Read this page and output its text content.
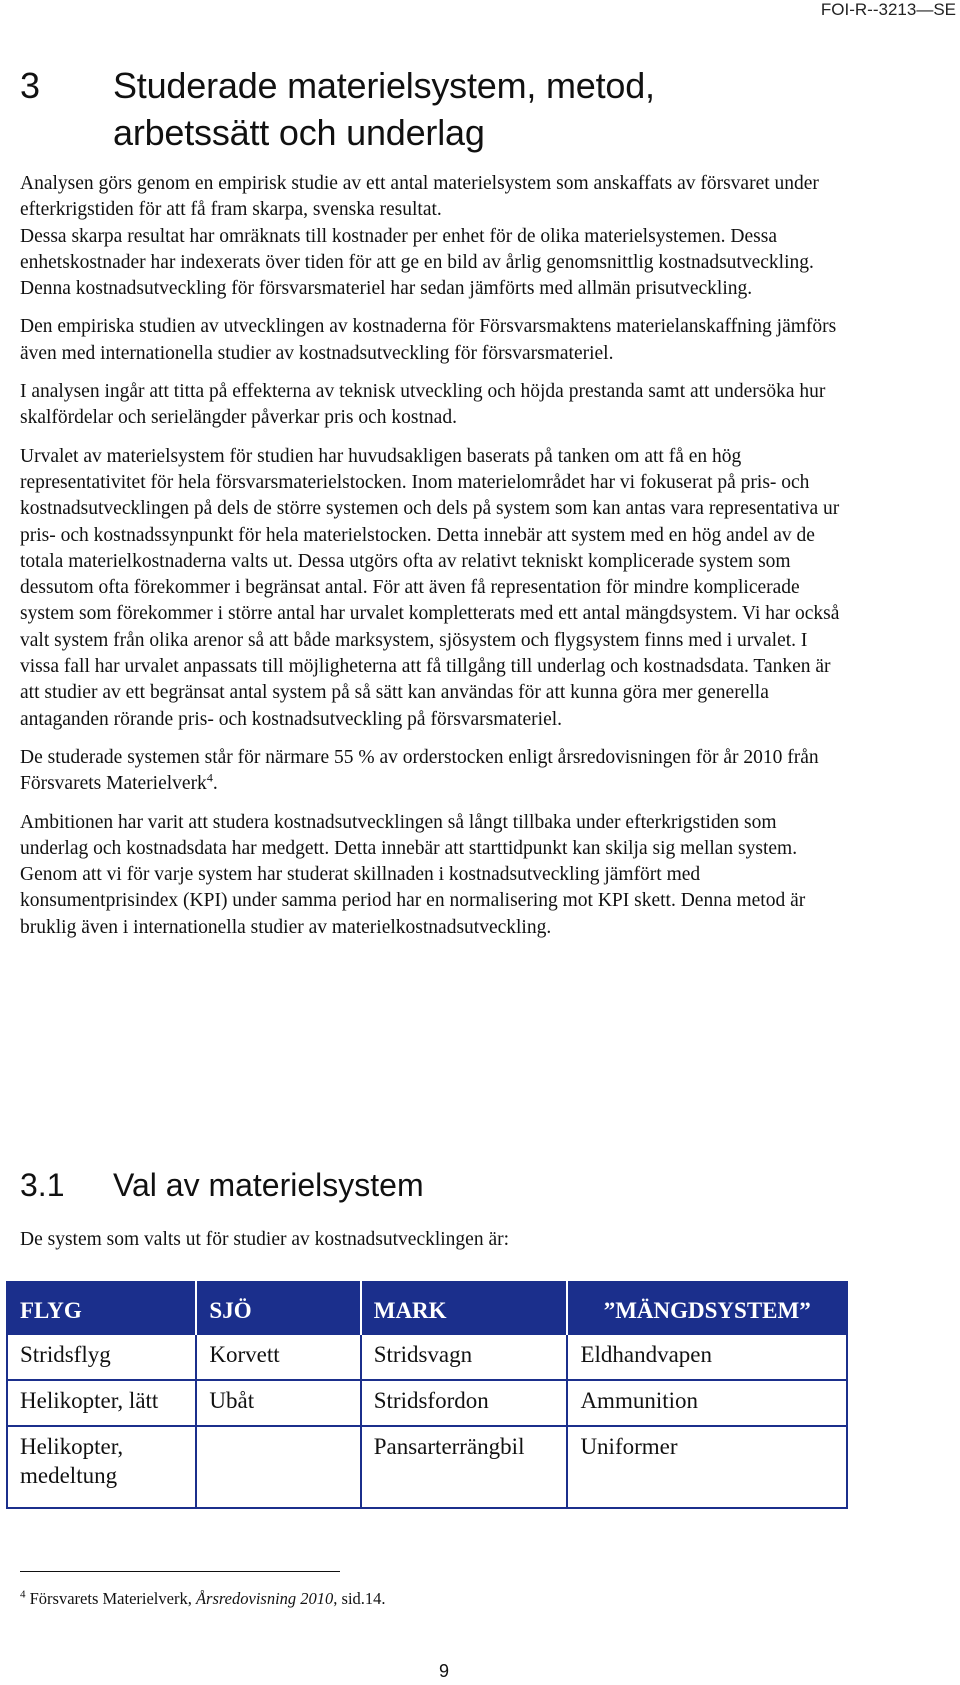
FOI-R--3213—SE
3	Studerade materielsystem, metod,
arbetssätt och underlag

Analysen görs genom en empirisk studie av ett antal materielsystem som anskaffats av försvaret under efterkrigstiden för att få fram skarpa, svenska resultat.

Dessa skarpa resultat har omräknats till kostnader per enhet för de olika materielsystemen. Dessa enhetskostnader har indexerats över tiden för att ge en bild av årlig genomsnittlig kostnadsutveckling. Denna kostnadsutveckling för försvarsmateriel har sedan jämförts med allmän prisutveckling.

Den empiriska studien av utvecklingen av kostnaderna för Försvarsmaktens materielanskaffning jämförs även med internationella studier av kostnadsutveckling för försvarsmateriel.

I analysen ingår att titta på effekterna av teknisk utveckling och höjda prestanda samt att undersöka hur skalfördelar och serielängder påverkar pris och kostnad.

Urvalet av materielsystem för studien har huvudsakligen baserats på tanken om att få en hög representativitet för hela försvarsmaterielstocken. Inom materielområdet har vi fokuserat på pris- och kostnadsutvecklingen på dels de större systemen och dels på system som kan antas vara representativa ur pris- och kostnadssynpunkt för hela materielstocken. Detta innebär att system med en hög andel av de totala materielkostnaderna valts ut. Dessa utgörs ofta av relativt tekniskt komplicerade system som dessutom ofta förekommer i begränsat antal. För att även få representation för mindre komplicerade system som förekommer i större antal har urvalet kompletterats med ett antal mängdsystem. Vi har också valt system från olika arenor så att både marksystem, sjösystem och flygsystem finns med i urvalet. I vissa fall har urvalet anpassats till möjligheterna att få tillgång till underlag och kostnadsdata. Tanken är att studier av ett begränsat antal system på så sätt kan användas för att kunna göra mer generella antaganden rörande pris- och kostnadsutveckling på försvarsmateriel.

De studerade systemen står för närmare 55 % av orderstocken enligt årsredovisningen för år 2010 från Försvarets Materielverk$^4$.

Ambitionen har varit att studera kostnadsutvecklingen så långt tillbaka under efterkrigstiden som underlag och kostnadsdata har medgett. Detta innebär att starttidpunkt kan skilja sig mellan system. Genom att vi för varje system har studerat skillnaden i kostnadsutveckling jämfört med konsumentprisindex (KPI) under samma period har en normalisering mot KPI skett. Denna metod är bruklig även i internationella studier av materielkostnadsutveckling.

3.1	Val av materielsystem
De system som valts ut för studier av kostnadsutvecklingen är:
FLYG	SJÖ	MARK	”MÄNGDSYSTEM”
Stridsflyg	Korvett	Stridsvagn	Eldhandvapen
Helikopter, lätt	Ubåt	Stridsfordon	Ammunition
Helikopter, medeltung		Pansarterrängbil	Uniformer
$^4$ Försvarets Materielverk, Årsredovisning 2010, sid.14.
9
